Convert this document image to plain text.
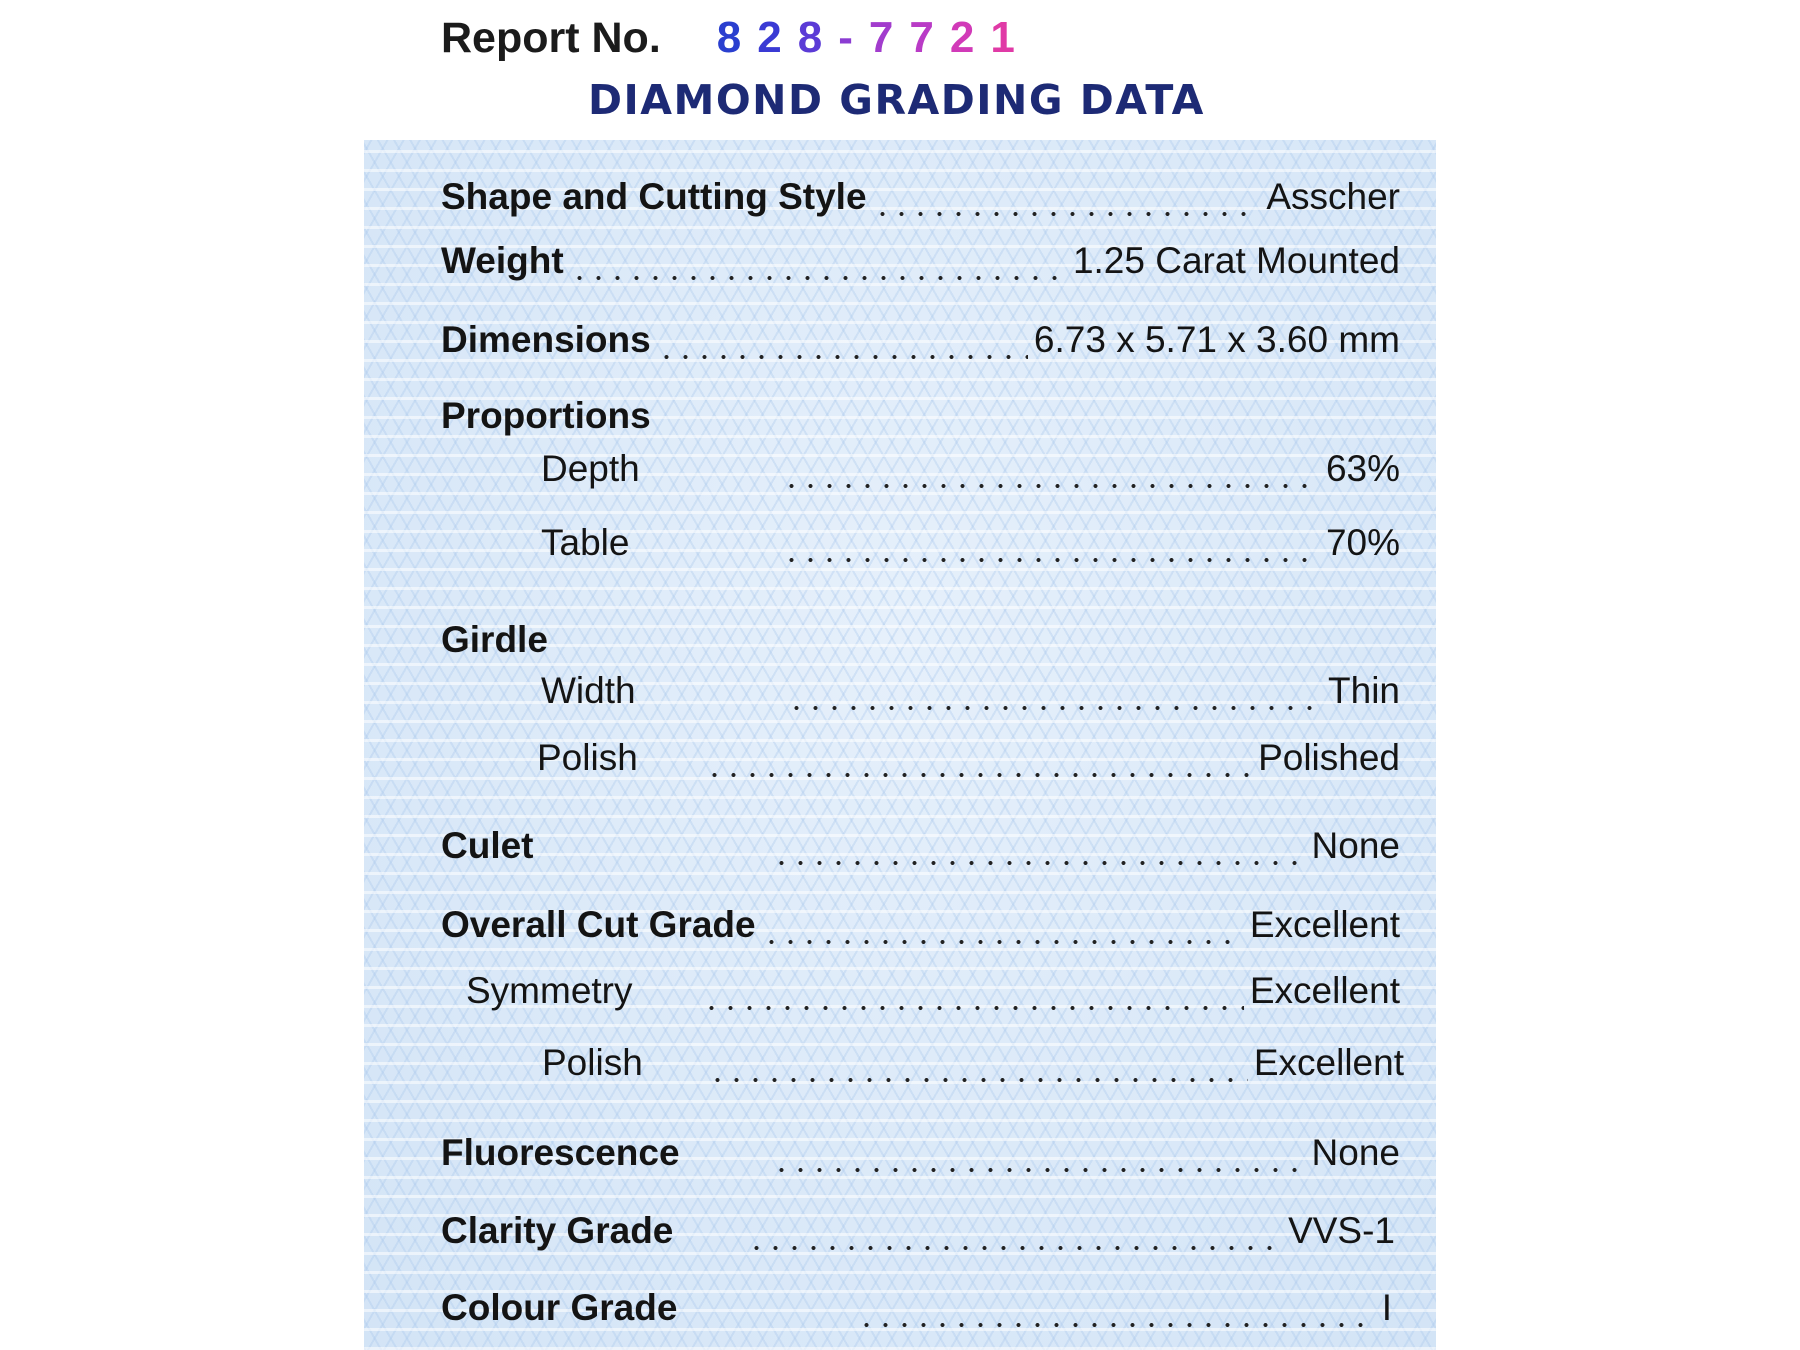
Report No. 8 2 8 - 7 7 2 1
DIAMOND GRADING DATA
Shape and Cutting Style	Asscher
Weight	1.25 Carat Mounted
Dimensions	6.73 x 5.71 x 3.60 mm
Proportions
Depth	63%
Table	70%
Girdle
Width	Thin
Polish	Polished
Culet	None
Overall Cut Grade	Excellent
Symmetry	Excellent
Polish	Excellent
Fluorescence	None
Clarity Grade	VVS-1
Colour Grade	I
